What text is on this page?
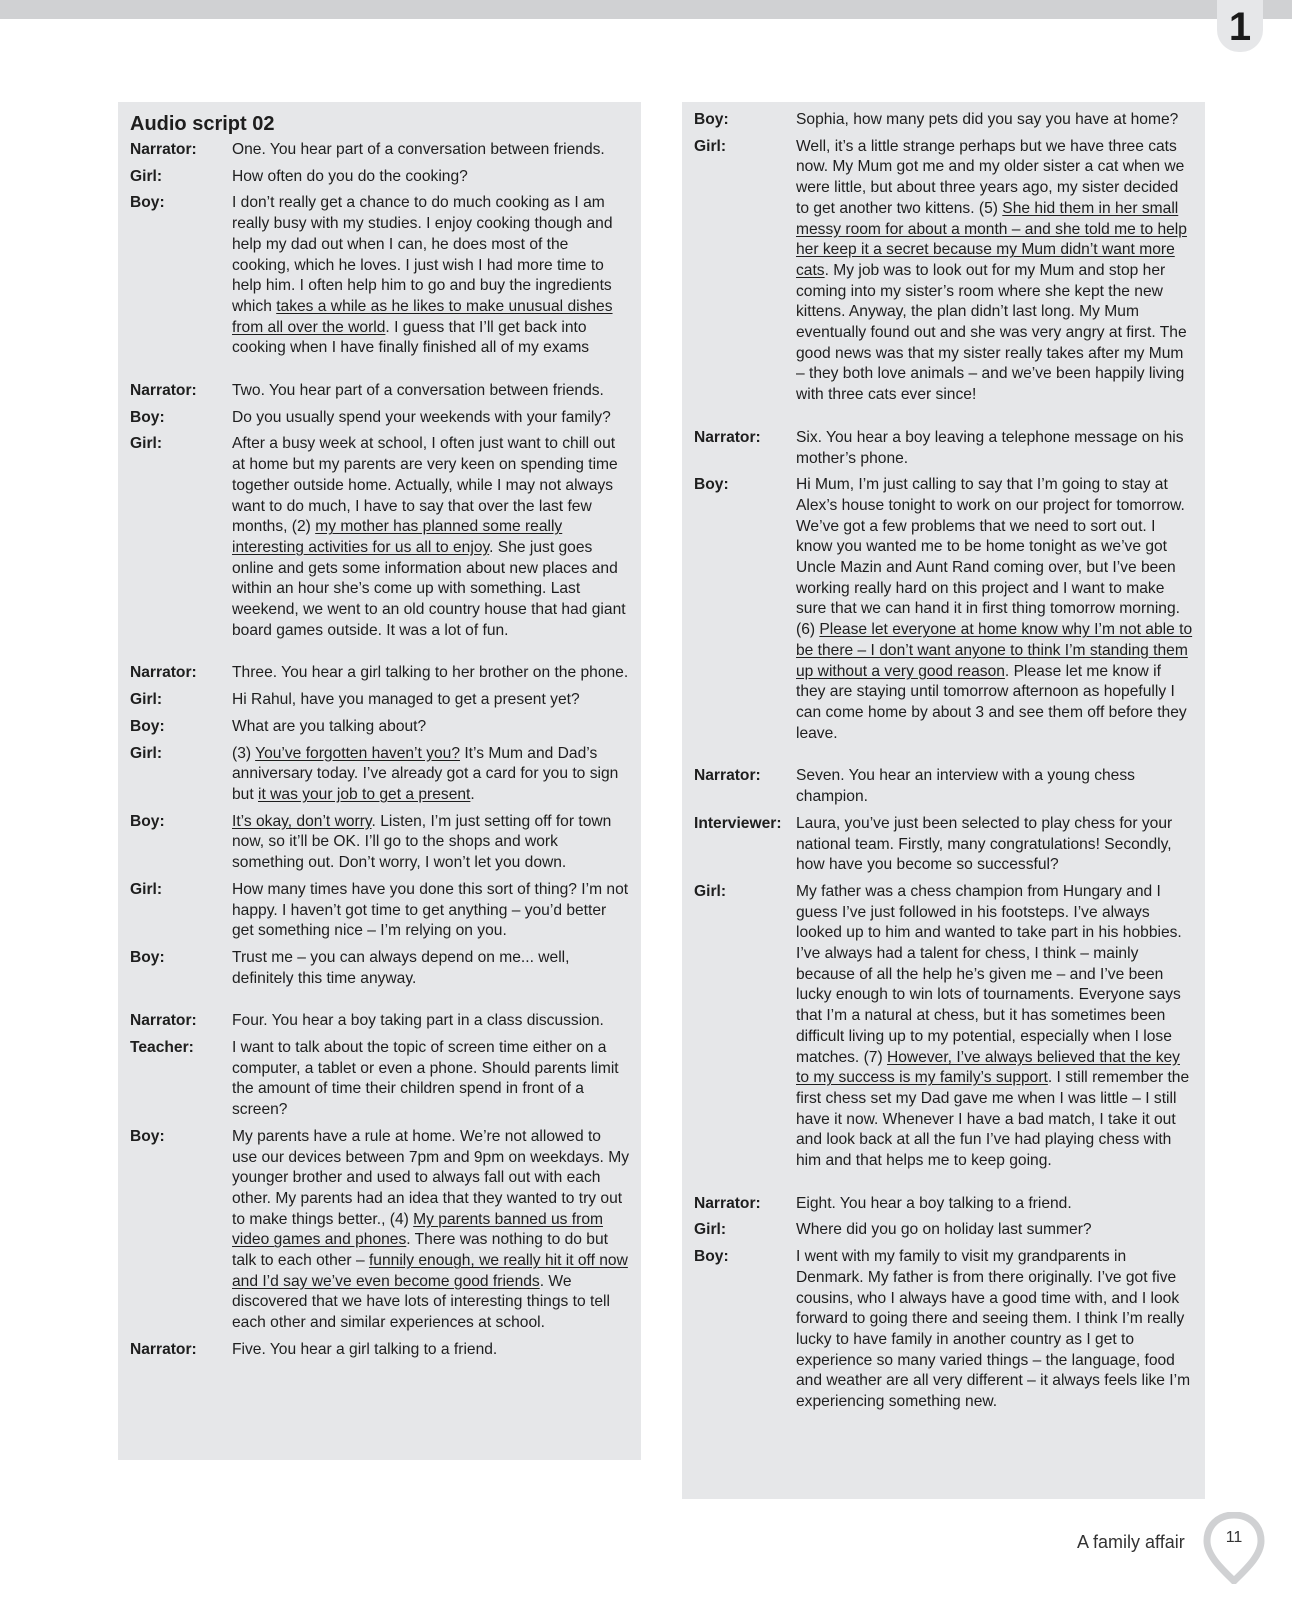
1
Audio script 02
Narrator:	One. You hear part of a conversation between friends.
Girl:	How often do you do the cooking?
Boy:	I don’t really get a chance to do much cooking as I am really busy with my studies. I enjoy cooking though and help my dad out when I can, he does most of the cooking, which he loves. I just wish I had more time to help him. I often help him to go and buy the ingredients which takes a while as he likes to make unusual dishes from all over the world. I guess that I’ll get back into cooking when I have finally finished all of my exams
Narrator:	Two. You hear part of a conversation between friends.
Boy:	Do you usually spend your weekends with your family?
Girl:	After a busy week at school, I often just want to chill out at home but my parents are very keen on spending time together outside home. Actually, while I may not always want to do much, I have to say that over the last few months, (2) my mother has planned some really interesting activities for us all to enjoy. She just goes online and gets some information about new places and within an hour she’s come up with something. Last weekend, we went to an old country house that had giant board games outside. It was a lot of fun.
Narrator:	Three. You hear a girl talking to her brother on the phone.
Girl:	Hi Rahul, have you managed to get a present yet?
Boy:	What are you talking about?
Girl:	(3) You’ve forgotten haven’t you? It’s Mum and Dad’s anniversary today. I’ve already got a card for you to sign but it was your job to get a present.
Boy:	It’s okay, don’t worry. Listen, I’m just setting off for town now, so it’ll be OK. I’ll go to the shops and work something out. Don’t worry, I won’t let you down.
Girl:	How many times have you done this sort of thing? I’m not happy. I haven’t got time to get anything – you’d better get something nice – I’m relying on you.
Boy:	Trust me – you can always depend on me... well, definitely this time anyway.
Narrator:	Four. You hear a boy taking part in a class discussion.
Teacher:	I want to talk about the topic of screen time either on a computer, a tablet or even a phone. Should parents limit the amount of time their children spend in front of a screen?
Boy:	My parents have a rule at home. We’re not allowed to use our devices between 7pm and 9pm on weekdays. My younger brother and used to always fall out with each other. My parents had an idea that they wanted to try out to make things better., (4) My parents banned us from video games and phones. There was nothing to do but talk to each other – funnily enough, we really hit it off now and I’d say we’ve even become good friends. We discovered that we have lots of interesting things to tell each other and similar experiences at school.
Narrator:	Five. You hear a girl talking to a friend.
Boy:	Sophia, how many pets did you say you have at home?
Girl:	Well, it’s a little strange perhaps but we have three cats now. My Mum got me and my older sister a cat when we were little, but about three years ago, my sister decided to get another two kittens. (5) She hid them in her small messy room for about a month – and she told me to help her keep it a secret because my Mum didn’t want more cats. My job was to look out for my Mum and stop her coming into my sister’s room where she kept the new kittens. Anyway, the plan didn’t last long. My Mum eventually found out and she was very angry at first. The good news was that my sister really takes after my Mum – they both love animals – and we’ve been happily living with three cats ever since!
Narrator:	Six. You hear a boy leaving a telephone message on his mother’s phone.
Boy:	Hi Mum, I’m just calling to say that I’m going to stay at Alex’s house tonight to work on our project for tomorrow. We’ve got a few problems that we need to sort out. I know you wanted me to be home tonight as we’ve got Uncle Mazin and Aunt Rand coming over, but I’ve been working really hard on this project and I want to make sure that we can hand it in first thing tomorrow morning. (6) Please let everyone at home know why I’m not able to be there – I don’t want anyone to think I’m standing them up without a very good reason. Please let me know if they are staying until tomorrow afternoon as hopefully I can come home by about 3 and see them off before they leave.
Narrator:	Seven. You hear an interview with a young chess champion.
Interviewer: Laura, you’ve just been selected to play chess for your national team. Firstly, many congratulations! Secondly, how have you become so successful?
Girl:	My father was a chess champion from Hungary and I guess I’ve just followed in his footsteps. I’ve always looked up to him and wanted to take part in his hobbies. I’ve always had a talent for chess, I think – mainly because of all the help he’s given me – and I’ve been lucky enough to win lots of tournaments. Everyone says that I’m a natural at chess, but it has sometimes been difficult living up to my potential, especially when I lose matches. (7) However, I’ve always believed that the key to my success is my family’s support. I still remember the first chess set my Dad gave me when I was little – I still have it now. Whenever I have a bad match, I take it out and look back at all the fun I’ve had playing chess with him and that helps me to keep going.
Narrator:	Eight. You hear a boy talking to a friend.
Girl:	Where did you go on holiday last summer?
Boy:	I went with my family to visit my grandparents in Denmark. My father is from there originally. I’ve got five cousins, who I always have a good time with, and I look forward to going there and seeing them. I think I’m really lucky to have family in another country as I get to experience so many varied things – the language, food and weather are all very different – it always feels like I’m experiencing something new.
A family affair	11
